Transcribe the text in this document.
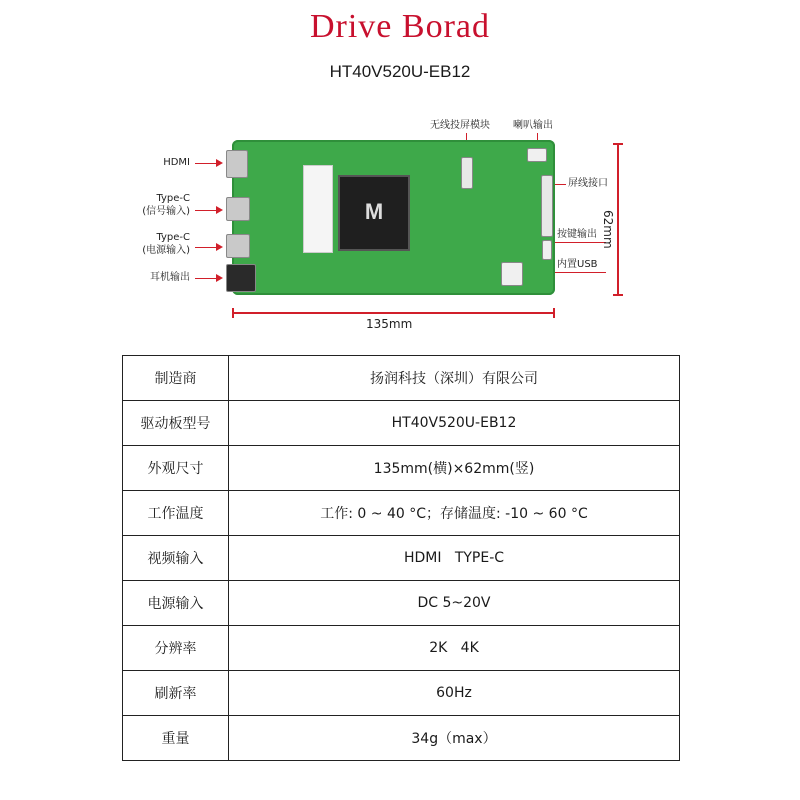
Drive Borad
HT40V520U-EB12
HDMI
Type-C
(信号输入)
Type-C
(电源输入)
耳机输出
无线投屏模块 喇叭输出
屏线接口
按键输出
内置USB
M	62mm
135mm
制造商	扬润科技（深圳）有限公司
驱动板型号	HT40V520U-EB12
外观尺寸	135mm(横)×62mm(竖)
工作温度	工作: 0 ~ 40 °C；存储温度: -10 ~ 60 °C
视频输入	HDMI   TYPE-C
电源输入	DC 5~20V
分辨率	2K   4K
刷新率	60Hz
重量	34g（max）
